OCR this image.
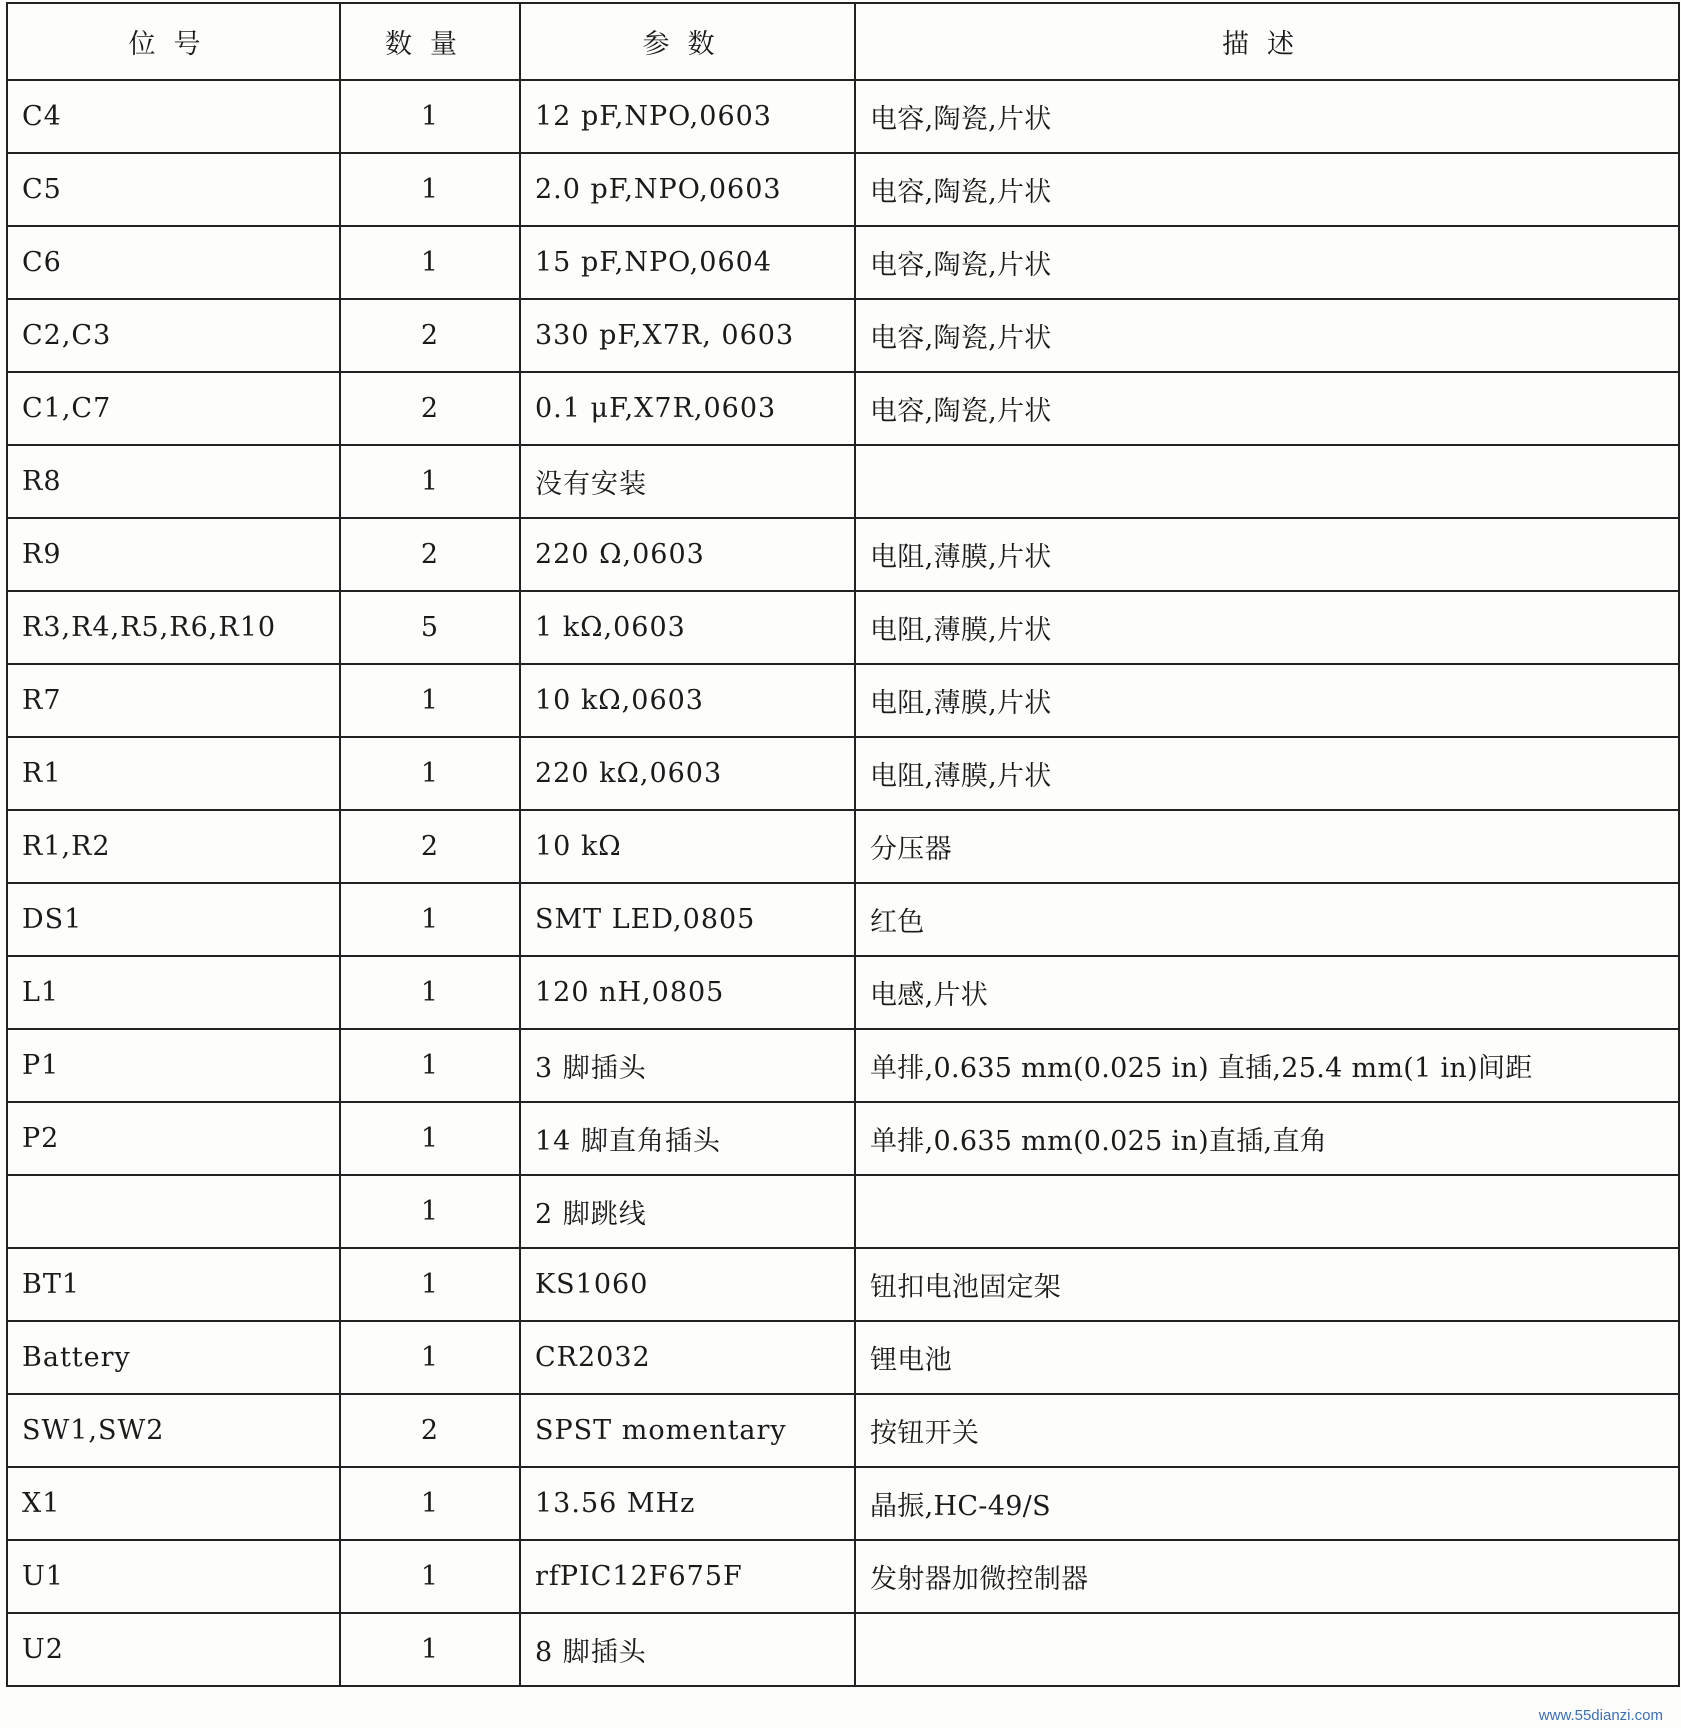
位号	数量	参数	描述
C4	1	12 pF,NPO,0603	电容,陶瓷,片状
C5	1	2.0 pF,NPO,0603	电容,陶瓷,片状
C6	1	15 pF,NPO,0604	电容,陶瓷,片状
C2,C3	2	330 pF,X7R, 0603	电容,陶瓷,片状
C1,C7	2	0.1 μF,X7R,0603	电容,陶瓷,片状
R8	1	没有安装	
R9	2	220 Ω,0603	电阻,薄膜,片状
R3,R4,R5,R6,R10	5	1 kΩ,0603	电阻,薄膜,片状
R7	1	10 kΩ,0603	电阻,薄膜,片状
R1	1	220 kΩ,0603	电阻,薄膜,片状
R1,R2	2	10 kΩ	分压器
DS1	1	SMT LED,0805	红色
L1	1	120 nH,0805	电感,片状
P1	1	3 脚插头	单排,0.635 mm(0.025 in) 直插,25.4 mm(1 in)间距
P2	1	14 脚直角插头	单排,0.635 mm(0.025 in)直插,直角
	1	2 脚跳线	
BT1	1	KS1060	钮扣电池固定架
Battery	1	CR2032	锂电池
SW1,SW2	2	SPST momentary	按钮开关
X1	1	13.56 MHz	晶振,HC-49/S
U1	1	rfPIC12F675F	发射器加微控制器
U2	1	8 脚插头	
www.55dianzi.com
